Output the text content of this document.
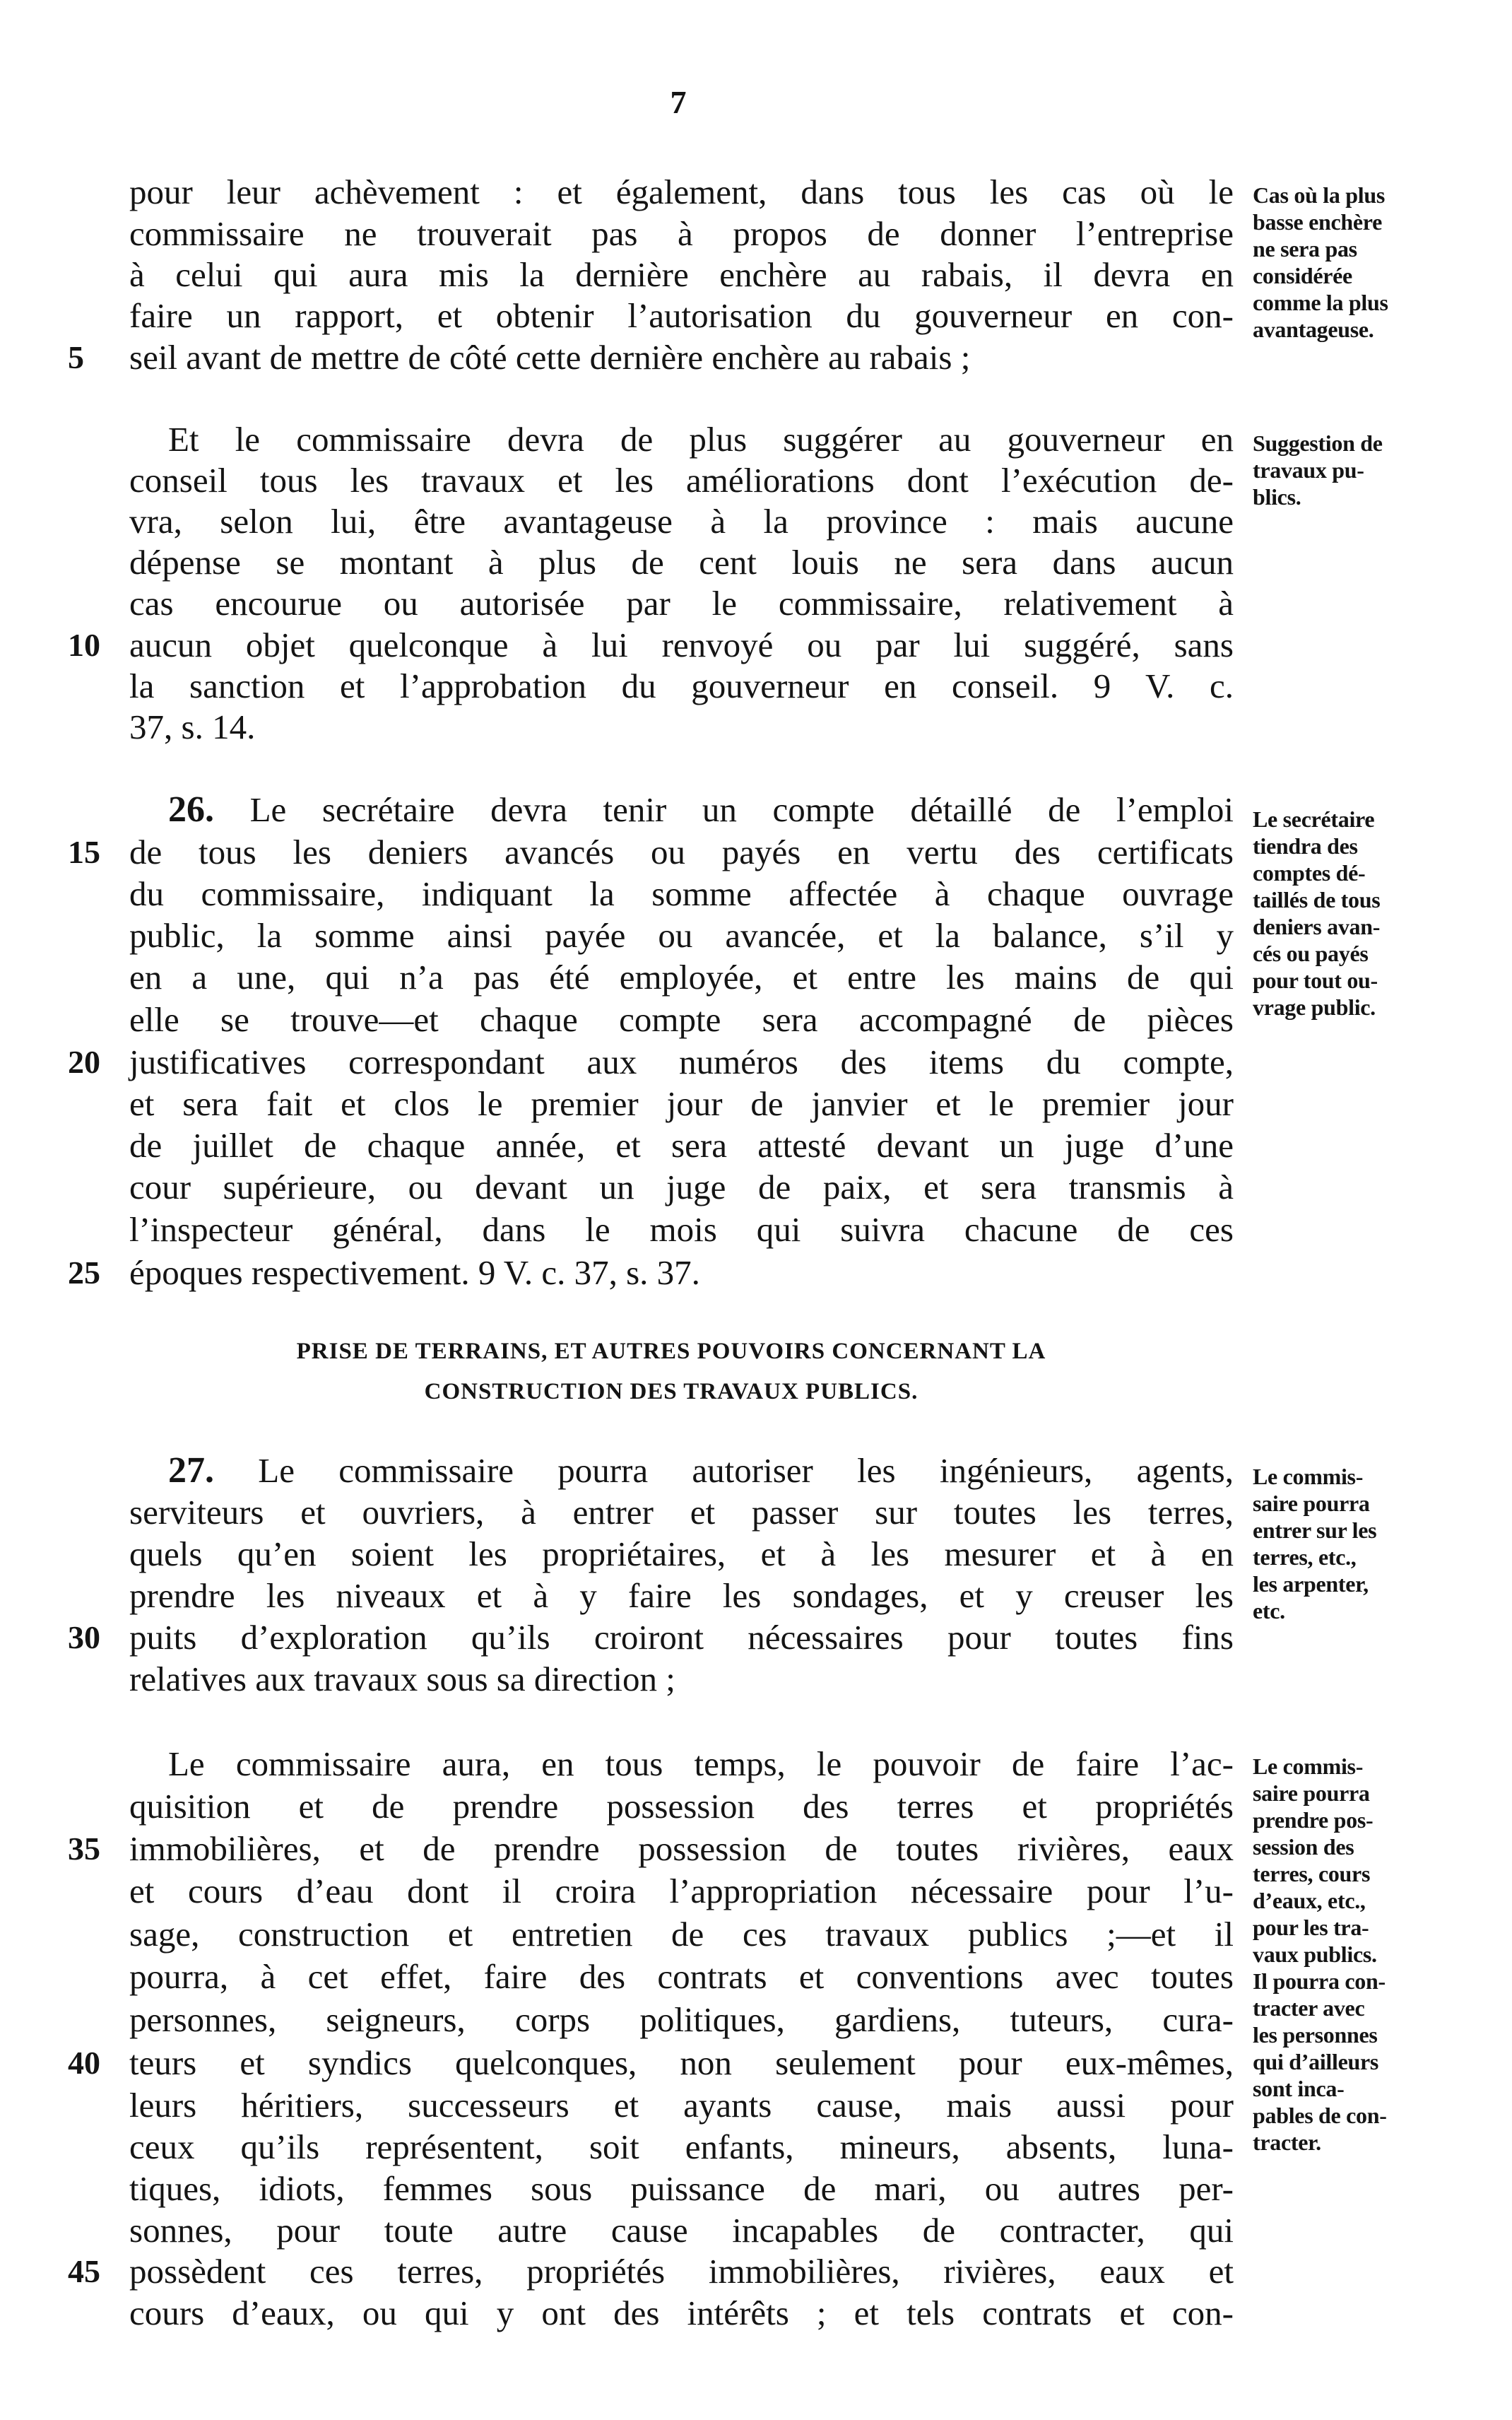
7
5
10
15
20
25
30
35
40
45
pour leur achèvement : et également, dans tous les cas où le
commissaire ne trouverait pas à propos de donner l’entreprise
à celui qui aura mis la dernière enchère au rabais, il devra en
faire un rapport, et obtenir l’autorisation du gouverneur en con-
seil avant de mettre de côté cette dernière enchère au rabais ;
Et le commissaire devra de plus suggérer au gouverneur en
conseil tous les travaux et les améliorations dont l’exécution de-
vra, selon lui, être avantageuse à la province : mais aucune
dépense se montant à plus de cent louis ne sera dans aucun
cas encourue ou autorisée par le commissaire, relativement à
aucun objet quelconque à lui renvoyé ou par lui suggéré, sans
la sanction et l’approbation du gouverneur en conseil. 9 V. c.
37, s. 14.
26. Le secrétaire devra tenir un compte détaillé de l’emploi
de tous les deniers avancés ou payés en vertu des certificats
du commissaire, indiquant la somme affectée à chaque ouvrage
public, la somme ainsi payée ou avancée, et la balance, s’il y
en a une, qui n’a pas été employée, et entre les mains de qui
elle se trouve—et chaque compte sera accompagné de pièces
justificatives correspondant aux numéros des items du compte,
et sera fait et clos le premier jour de janvier et le premier jour
de juillet de chaque année, et sera attesté devant un juge d’une
cour supérieure, ou devant un juge de paix, et sera transmis à
l’inspecteur général, dans le mois qui suivra chacune de ces
époques respectivement. 9 V. c. 37, s. 37.
PRISE DE TERRAINS, ET AUTRES POUVOIRS CONCERNANT LA
CONSTRUCTION DES TRAVAUX PUBLICS.
27. Le commissaire pourra autoriser les ingénieurs, agents,
serviteurs et ouvriers, à entrer et passer sur toutes les terres,
quels qu’en soient les propriétaires, et à les mesurer et à en
prendre les niveaux et à y faire les sondages, et y creuser les
puits d’exploration qu’ils croiront nécessaires pour toutes fins
relatives aux travaux sous sa direction ;
Le commissaire aura, en tous temps, le pouvoir de faire l’ac-
quisition et de prendre possession des terres et propriétés
immobilières, et de prendre possession de toutes rivières, eaux
et cours d’eau dont il croira l’appropriation nécessaire pour l’u-
sage, construction et entretien de ces travaux publics ;—et il
pourra, à cet effet, faire des contrats et conventions avec toutes
personnes, seigneurs, corps politiques, gardiens, tuteurs, cura-
teurs et syndics quelconques, non seulement pour eux-mêmes,
leurs héritiers, successeurs et ayants cause, mais aussi pour
ceux qu’ils représentent, soit enfants, mineurs, absents, luna-
tiques, idiots, femmes sous puissance de mari, ou autres per-
sonnes, pour toute autre cause incapables de contracter, qui
possèdent ces terres, propriétés immobilières, rivières, eaux et
cours d’eaux, ou qui y ont des intérêts ; et tels contrats et con-
Cas où la plus
basse enchère
ne sera pas
considérée
comme la plus
avantageuse.
Suggestion de
travaux pu-
blics.
Le secrétaire
tiendra des
comptes dé-
taillés de tous
deniers avan-
cés ou payés
pour tout ou-
vrage public.
Le commis-
saire pourra
entrer sur les
terres, etc.,
les arpenter,
etc.
Le commis-
saire pourra
prendre pos-
session des
terres, cours
d’eaux, etc.,
pour les tra-
vaux publics.
Il pourra con-
tracter avec
les personnes
qui d’ailleurs
sont inca-
pables de con-
tracter.
